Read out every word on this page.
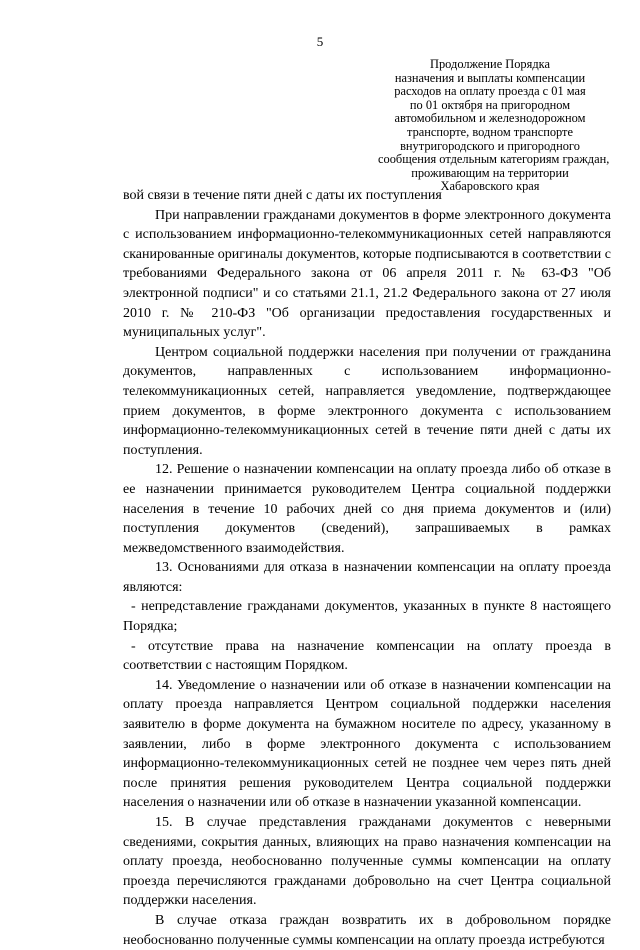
5
Продолжение Порядка
назначения и выплаты компенсации
расходов на оплату проезда с 01 мая
по 01 октября на пригородном
автомобильном и железнодорожном
транспорте, водном транспорте
внутригородского и пригородного
сообщения отдельным категориям граждан,
проживающим на территории
Хабаровского края

вой связи в течение пяти дней с даты их поступления

При направлении гражданами документов в форме электронного документа с использованием информационно-телекоммуникационных сетей направляются сканированные оригиналы документов, которые подписываются в соответствии с требованиями Федерального закона от 06 апреля 2011 г. № 63-ФЗ "Об электронной подписи" и со статьями 21.1, 21.2 Федерального закона от 27 июля 2010 г. № 210-ФЗ "Об организации предоставления государственных и муниципальных услуг".

Центром социальной поддержки населения при получении от гражданина документов, направленных с использованием информационно-телекоммуникационных сетей, направляется уведомление, подтверждающее прием документов, в форме электронного документа с использованием информационно-телекоммуникационных сетей в течение пяти дней с даты их поступления.

12. Решение о назначении компенсации на оплату проезда либо об отказе в ее назначении принимается руководителем Центра социальной поддержки населения в течение 10 рабочих дней со дня приема документов и (или) поступления документов (сведений), запрашиваемых в рамках межведомственного взаимодействия.

13. Основаниями для отказа в назначении компенсации на оплату проезда являются:

- непредставление гражданами документов, указанных в пункте 8 настоящего Порядка;

- отсутствие права на назначение компенсации на оплату проезда в соответствии с настоящим Порядком.

14. Уведомление о назначении или об отказе в назначении компенсации на оплату проезда направляется Центром социальной поддержки населения заявителю в форме документа на бумажном носителе по адресу, указанному в заявлении, либо в форме электронного документа с использованием информационно-телекоммуникационных сетей не позднее чем через пять дней после принятия решения руководителем Центра социальной поддержки населения о назначении или об отказе в назначении указанной компенсации.

15. В случае представления гражданами документов с неверными сведениями, сокрытия данных, влияющих на право назначения компенсации на оплату проезда, необоснованно полученные суммы компенсации на оплату проезда перечисляются гражданами добровольно на счет Центра социальной поддержки населения.

В случае отказа граждан возвратить их в добровольном порядке необоснованно полученные суммы компенсации на оплату проезда истребуются
